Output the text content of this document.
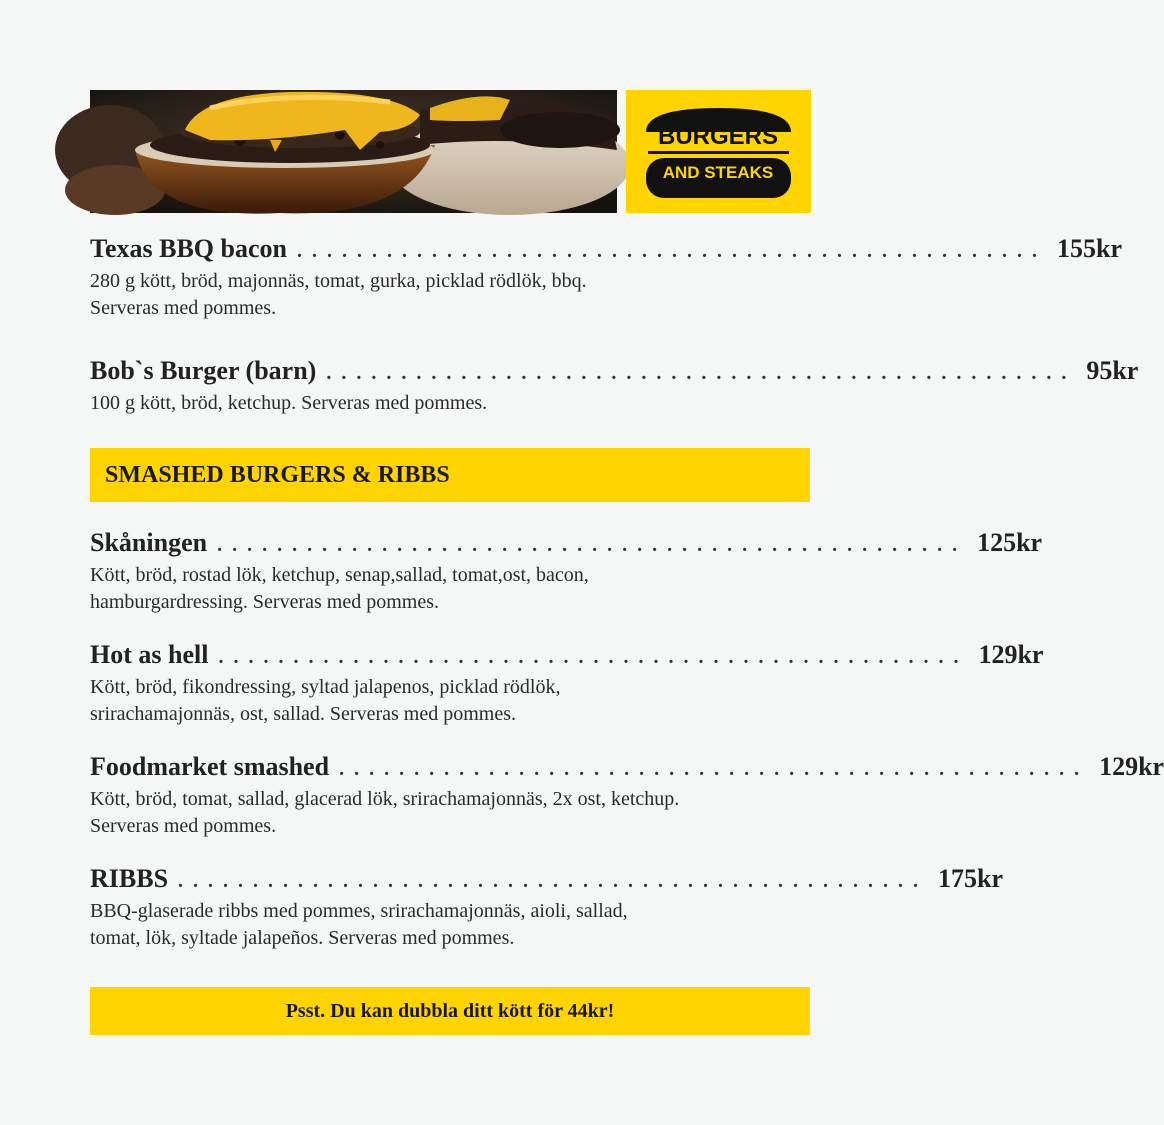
BURGERS
AND STEAKS
Texas BBQ bacon .................................................. 155kr
280 g kött, bröd, majonnäs, tomat, gurka, picklad rödlök, bbq.
Serveras med pommes.
Bob`s Burger (barn) .................................................. 95kr
100 g kött, bröd, ketchup. Serveras med pommes.
SMASHED BURGERS & RIBBS
Skåningen .................................................. 125kr
Kött, bröd, rostad lök, ketchup, senap,sallad, tomat,ost, bacon,
hamburgardressing. Serveras med pommes.
Hot as hell .................................................. 129kr
Kött, bröd, fikondressing, syltad jalapenos, picklad rödlök,
srirachamajonnäs, ost, sallad. Serveras med pommes.
Foodmarket smashed .................................................. 129kr
Kött, bröd, tomat, sallad, glacerad lök, srirachamajonnäs, 2x ost, ketchup.
Serveras med pommes.
RIBBS .................................................. 175kr
BBQ-glaserade ribbs med pommes, srirachamajonnäs, aioli, sallad,
tomat, lök, syltade jalapeños. Serveras med pommes.
Psst. Du kan dubbla ditt kött för 44kr!
